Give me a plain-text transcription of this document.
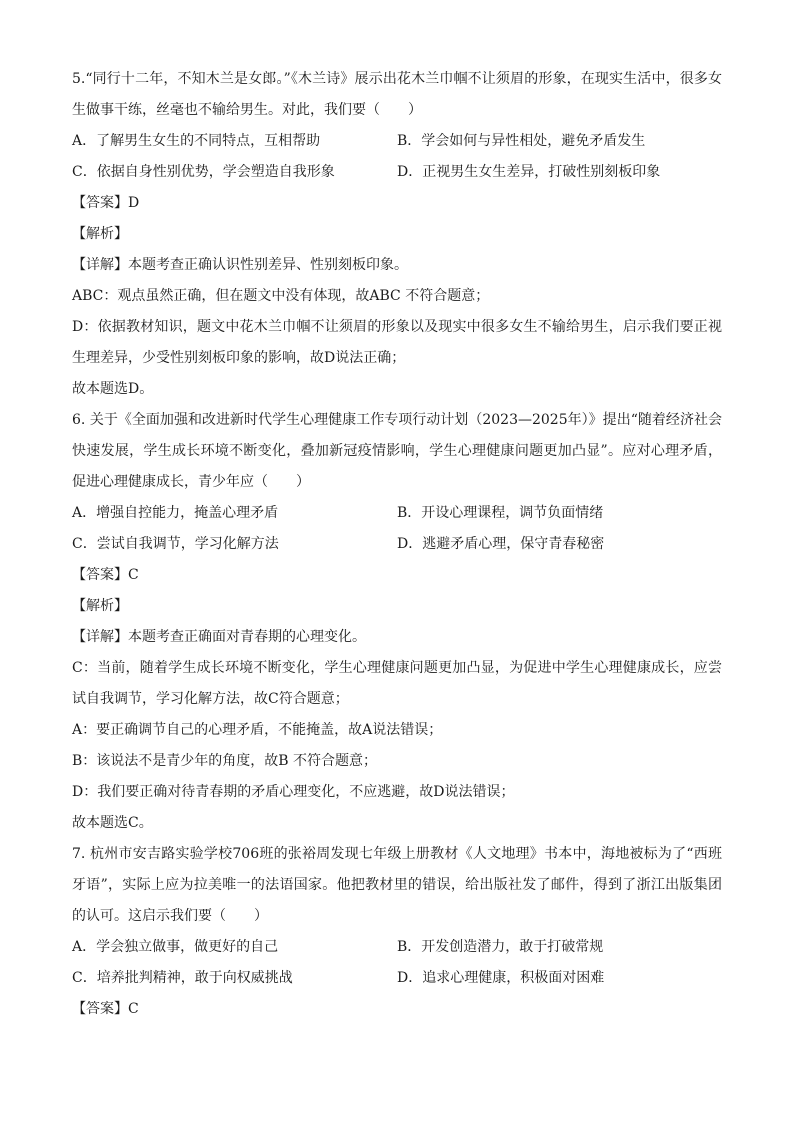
5.“同行十二年，不知木兰是女郎。”《木兰诗》展示出花木兰巾帼不让须眉的形象，在现实生活中，很多女生做事干练，丝毫也不输给男生。对此，我们要（　　）
A．了解男生女生的不同特点，互相帮助	B．学会如何与异性相处，避免矛盾发生
C．依据自身性别优势，学会塑造自我形象	D．正视男生女生差异，打破性别刻板印象
【答案】D
【解析】
【详解】本题考查正确认识性别差异、性别刻板印象。
ABC：观点虽然正确，但在题文中没有体现，故ABC 不符合题意；
D：依据教材知识，题文中花木兰巾帼不让须眉的形象以及现实中很多女生不输给男生，启示我们要正视生理差异，少受性别刻板印象的影响，故D说法正确；
故本题选D。
6. 关于《全面加强和改进新时代学生心理健康工作专项行动计划（2023—2025年）》提出“随着经济社会快速发展，学生成长环境不断变化，叠加新冠疫情影响，学生心理健康问题更加凸显”。应对心理矛盾，促进心理健康成长，青少年应（　　）
A．增强自控能力，掩盖心理矛盾	B．开设心理课程，调节负面情绪
C．尝试自我调节，学习化解方法	D．逃避矛盾心理，保守青春秘密
【答案】C
【解析】
【详解】本题考查正确面对青春期的心理变化。
C：当前，随着学生成长环境不断变化，学生心理健康问题更加凸显，为促进中学生心理健康成长，应尝试自我调节，学习化解方法，故C符合题意；
A：要正确调节自己的心理矛盾，不能掩盖，故A说法错误；
B：该说法不是青少年的角度，故B 不符合题意；
D：我们要正确对待青春期的矛盾心理变化，不应逃避，故D说法错误；
故本题选C。
7. 杭州市安吉路实验学校706班的张裕周发现七年级上册教材《人文地理》书本中，海地被标为了“西班牙语”，实际上应为拉美唯一的法语国家。他把教材里的错误，给出版社发了邮件，得到了浙江出版集团的认可。这启示我们要（　　）
A．学会独立做事，做更好的自己	B．开发创造潜力，敢于打破常规
C．培养批判精神，敢于向权威挑战	D．追求心理健康，积极面对困难
【答案】C
